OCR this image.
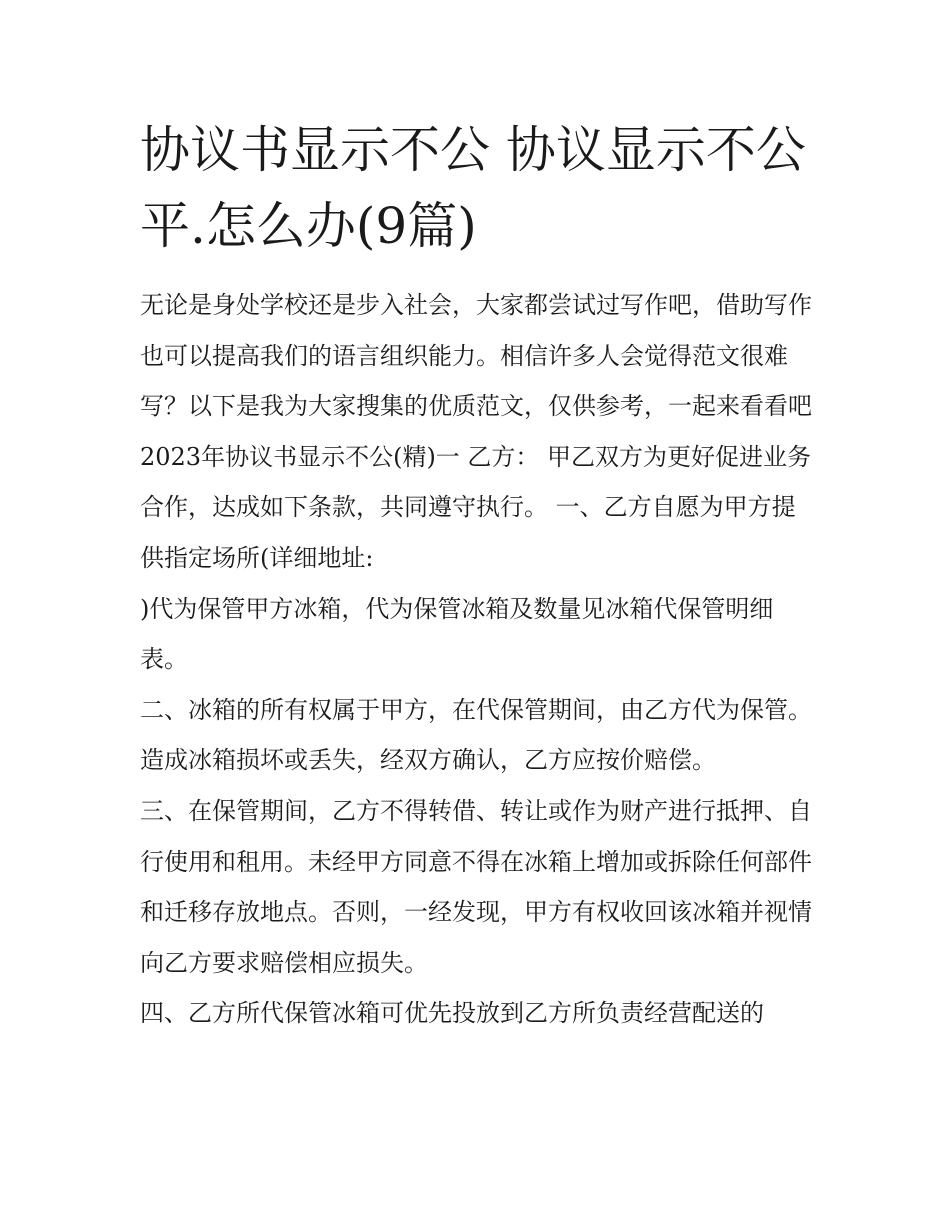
协议书显示不公 协议显示不公平.怎么办(9篇)

无论是身处学校还是步入社会，大家都尝试过写作吧，借助写作也可以提高我们的语言组织能力。相信许多人会觉得范文很难写？以下是我为大家搜集的优质范文，仅供参考，一起来看看吧

2023年协议书显示不公(精)一 乙方： 甲乙双方为更好促进业务合作，达成如下条款，共同遵守执行。 一、乙方自愿为甲方提供指定场所(详细地址:

)代为保管甲方冰箱，代为保管冰箱及数量见冰箱代保管明细表。

二、冰箱的所有权属于甲方，在代保管期间，由乙方代为保管。造成冰箱损坏或丢失，经双方确认，乙方应按价赔偿。

三、在保管期间，乙方不得转借、转让或作为财产进行抵押、自行使用和租用。未经甲方同意不得在冰箱上增加或拆除任何部件和迁移存放地点。否则，一经发现，甲方有权收回该冰箱并视情向乙方要求赔偿相应损失。

四、乙方所代保管冰箱可优先投放到乙方所负责经营配送的
